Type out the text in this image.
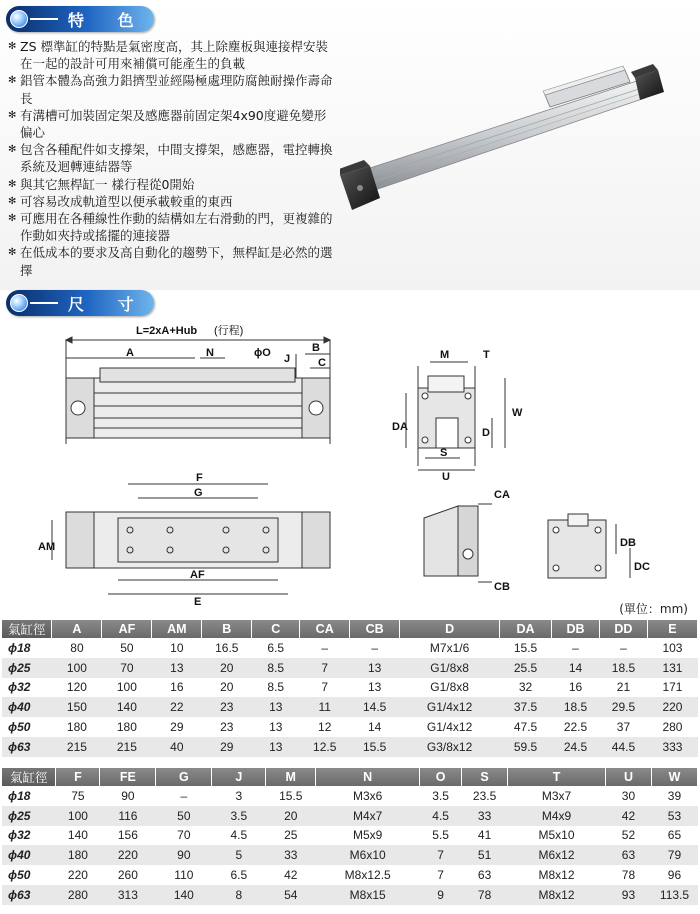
特 色
✻ ZS 標準缸的特點是氣密度高，其上除塵板與連接桿安裝在一起的設計可用來補償可能產生的負載
✻ 鋁管本體為高強力鋁擠型並經陽極處理防腐蝕耐操作壽命長
✻ 有溝槽可加裝固定架及感應器前固定架4x90度避免變形偏心
✻ 包含各種配件如支撐架，中間支撐架，感應器，電控轉換系統及迴轉連結器等
✻ 與其它無桿缸一 樣行程從0開始
✻ 可容易改成軌道型以便承載較重的東西
✻ 可應用在各種線性作動的結構如左右滑動的門，更複雜的作動如夾持或搖擺的連接器
✻ 在低成本的要求及高自動化的趨勢下，無桿缸是必然的選擇
尺 寸 圖	L=2xA+Hub (行程)
A	N	ϕO J
B
C
M	T
W
DA	D
S
U
F
G
AM
AF
E
CA
CB
DB
DC
(單位：mm)
氣缸徑	A	AF	AM	B	C	CA	CB	D	DA	DB	DD	E
ϕ18	80	50	10	16.5	6.5	–	–	M7x1/6	15.5	–	–	103
ϕ25	100	70	13	20	8.5	7	13	G1/8x8	25.5	14	18.5	131
ϕ32	120	100	16	20	8.5	7	13	G1/8x8	32	16	21	171
ϕ40	150	140	22	23	13	11	14.5	G1/4x12	37.5	18.5	29.5	220
ϕ50	180	180	29	23	13	12	14	G1/4x12	47.5	22.5	37	280
ϕ63	215	215	40	29	13	12.5	15.5	G3/8x12	59.5	24.5	44.5	333
氣缸徑	F	FE	G	J	M	N	O	S	T	U	W
ϕ18	75	90	–	3	15.5	M3x6	3.5	23.5	M3x7	30	39
ϕ25	100	116	50	3.5	20	M4x7	4.5	33	M4x9	42	53
ϕ32	140	156	70	4.5	25	M5x9	5.5	41	M5x10	52	65
ϕ40	180	220	90	5	33	M6x10	7	51	M6x12	63	79
ϕ50	220	260	110	6.5	42	M8x12.5	7	63	M8x12	78	96
ϕ63	280	313	140	8	54	M8x15	9	78	M8x12	93	113.5
